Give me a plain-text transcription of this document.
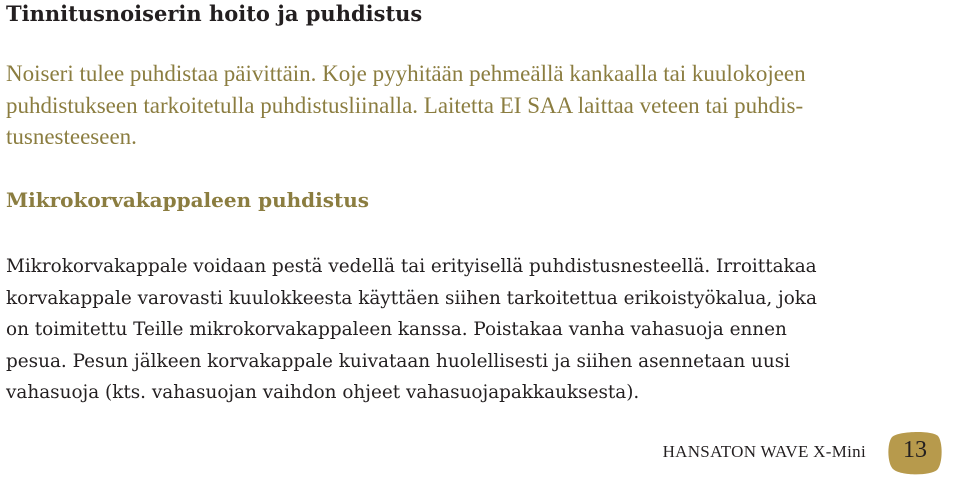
Tinnitusnoiserin hoito ja puhdistus

Noiseri tulee puhdistaa päivittäin. Koje pyyhitään pehmeällä kankaalla tai kuulokojeen
puhdistukseen tarkoitetulla puhdistusliinalla. Laitetta EI SAA laittaa veteen tai puhdis-
tusnesteeseen.

Mikrokorvakappaleen puhdistus

Mikrokorvakappale voidaan pestä vedellä tai erityisellä puhdistusnesteellä. Irroittakaa
korvakappale varovasti kuulokkeesta käyttäen siihen tarkoitettua erikoistyökalua, joka
on toimitettu Teille mikrokorvakappaleen kanssa. Poistakaa vanha vahasuoja ennen
pesua. Pesun jälkeen korvakappale kuivataan huolellisesti ja siihen asennetaan uusi
vahasuoja (kts. vahasuojan vaihdon ohjeet vahasuojapakkauksesta).

HANSATON WAVE X-Mini	13
